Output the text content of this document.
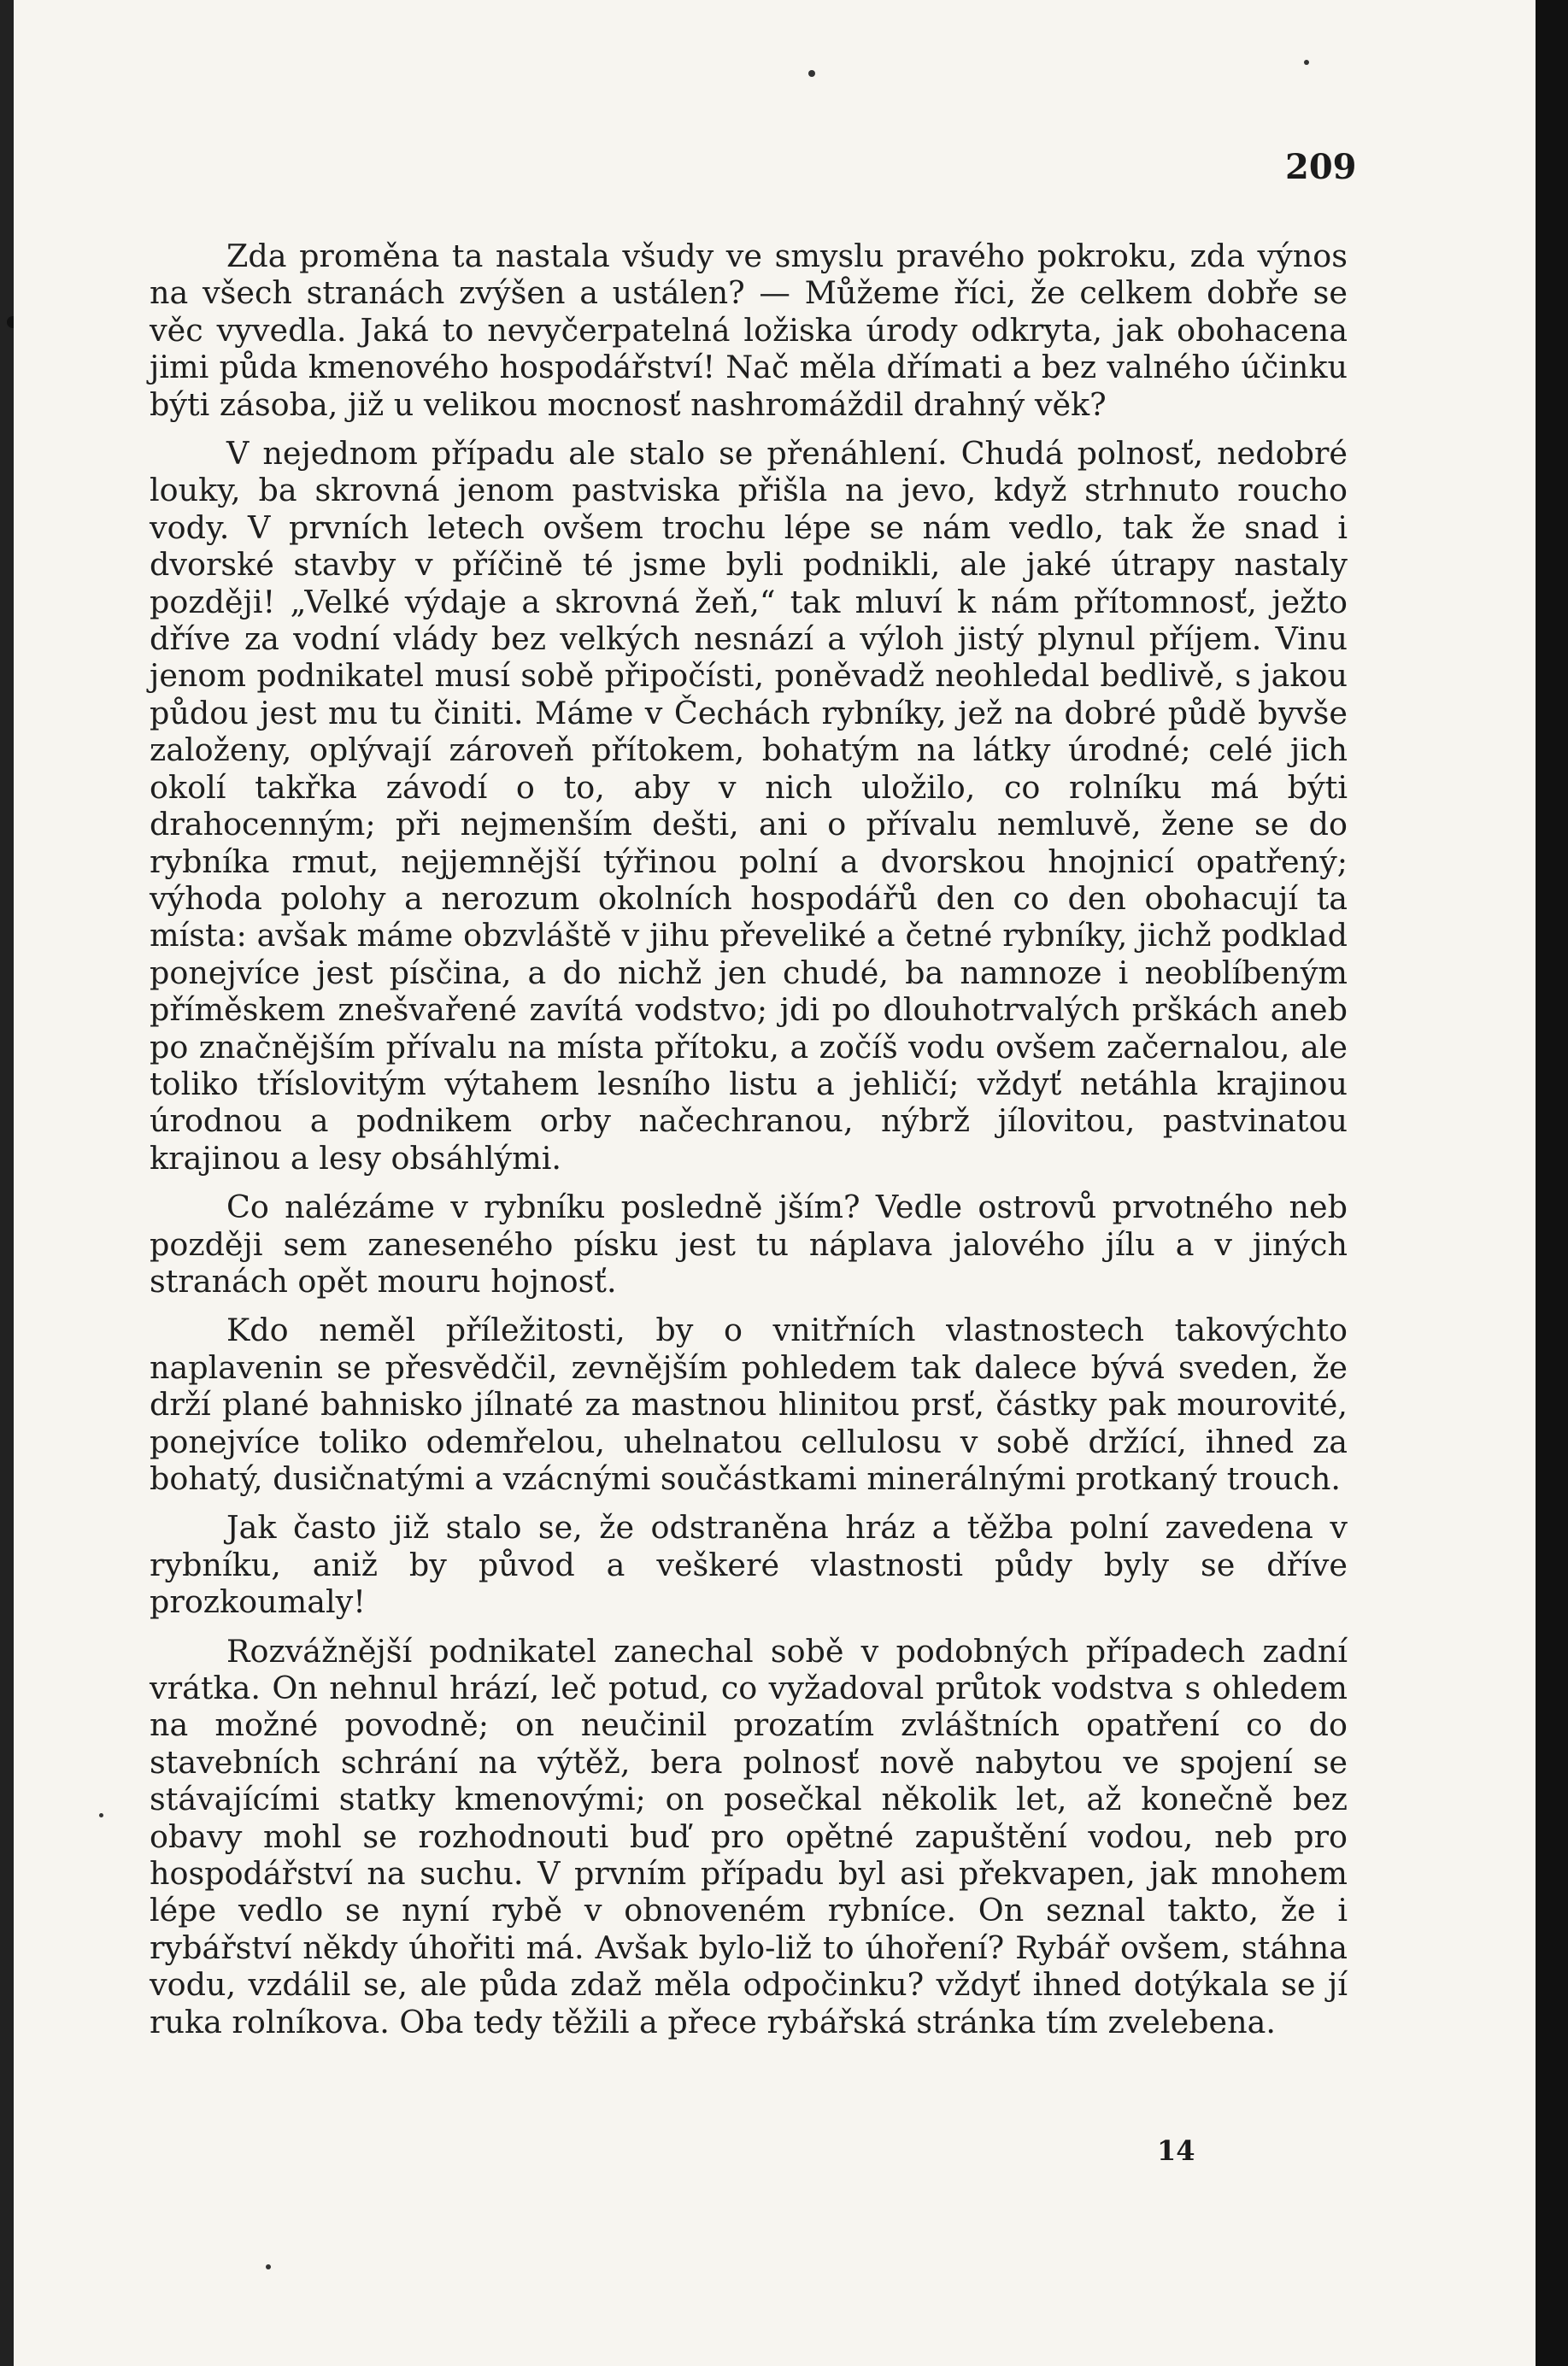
209

Zda proměna ta nastala všudy ve smyslu pravého pokroku, zda výnos na všech stranách zvýšen a ustálen? — Můžeme říci, že celkem dobře se věc vyvedla. Jaká to nevyčerpatelná ložiska úrody odkryta, jak obohacena jimi půda kmenového hospodářství! Nač měla dřímati a bez valného účinku býti zásoba, již u velikou mocnosť nashromáždil drahný věk?

V nejednom případu ale stalo se přenáhlení. Chudá polnosť, nedobré louky, ba skrovná jenom pastviska přišla na jevo, když strhnuto roucho vody. V prvních letech ovšem trochu lépe se nám vedlo, tak že snad i dvorské stavby v příčině té jsme byli podnikli, ale jaké útrapy nastaly později! „Velké výdaje a skrovná žeň,“ tak mluví k nám přítomnosť, ježto dříve za vodní vlády bez velkých nesnází a výloh jistý plynul příjem. Vinu jenom podnikatel musí sobě připočísti, poněvadž neohledal bedlivě, s jakou půdou jest mu tu činiti. Máme v Čechách rybníky, jež na dobré půdě byvše založeny, oplývají zároveň přítokem, bohatým na látky úrodné; celé jich okolí takřka závodí o to, aby v nich uložilo, co rolníku má býti drahocenným; při nejmenším dešti, ani o přívalu nemluvě, žene se do rybníka rmut, nejjemnější týřinou polní a dvorskou hnojnicí opatřený; výhoda polohy a nerozum okolních hospodářů den co den obohacují ta místa: avšak máme obzvláště v jihu převeliké a četné rybníky, jichž podklad ponejvíce jest písčina, a do nichž jen chudé, ba namnoze i neoblíbeným příměskem znešvařené zavítá vodstvo; jdi po dlouhotrvalých prškách aneb po značnějším přívalu na místa přítoku, a zočíš vodu ovšem začernalou, ale toliko tříslovitým výtahem lesního listu a jehličí; vždyť netáhla krajinou úrodnou a podnikem orby načechranou, nýbrž jílovitou, pastvinatou krajinou a lesy obsáhlými.

Co nalézáme v rybníku posledně jším? Vedle ostrovů prvotného neb později sem zaneseného písku jest tu náplava jalového jílu a v jiných stranách opět mouru hojnosť.

Kdo neměl příležitosti, by o vnitřních vlastnostech takovýchto naplavenin se přesvědčil, zevnějším pohledem tak dalece bývá sveden, že drží plané bahnisko jílnaté za mastnou hlinitou prsť, částky pak mourovité, ponejvíce toliko odemřelou, uhelnatou cellulosu v sobě držící, ihned za bohatý, dusičnatými a vzácnými součástkami minerálnými protkaný trouch.

Jak často již stalo se, že odstraněna hráz a těžba polní zavedena v rybníku, aniž by původ a veškeré vlastnosti půdy byly se dříve prozkoumaly!

Rozvážnější podnikatel zanechal sobě v podobných případech zadní vrátka. On nehnul hrází, leč potud, co vyžadoval průtok vodstva s ohledem na možné povodně; on neučinil prozatím zvláštních opatření co do stavebních schrání na výtěž, bera polnosť nově nabytou ve spojení se stávajícími statky kmenovými; on posečkal několik let, až konečně bez obavy mohl se rozhodnouti buď pro opětné zapuštění vodou, neb pro hospodářství na suchu. V prvním případu byl asi překvapen, jak mnohem lépe vedlo se nyní rybě v obnoveném rybníce. On seznal takto, že i rybářství někdy úhořiti má. Avšak bylo-liž to úhoření? Rybář ovšem, stáhna vodu, vzdálil se, ale půda zdaž měla odpočinku? vždyť ihned dotýkala se jí ruka rolníkova. Oba tedy těžili a přece rybářská stránka tím zvelebena.

14
